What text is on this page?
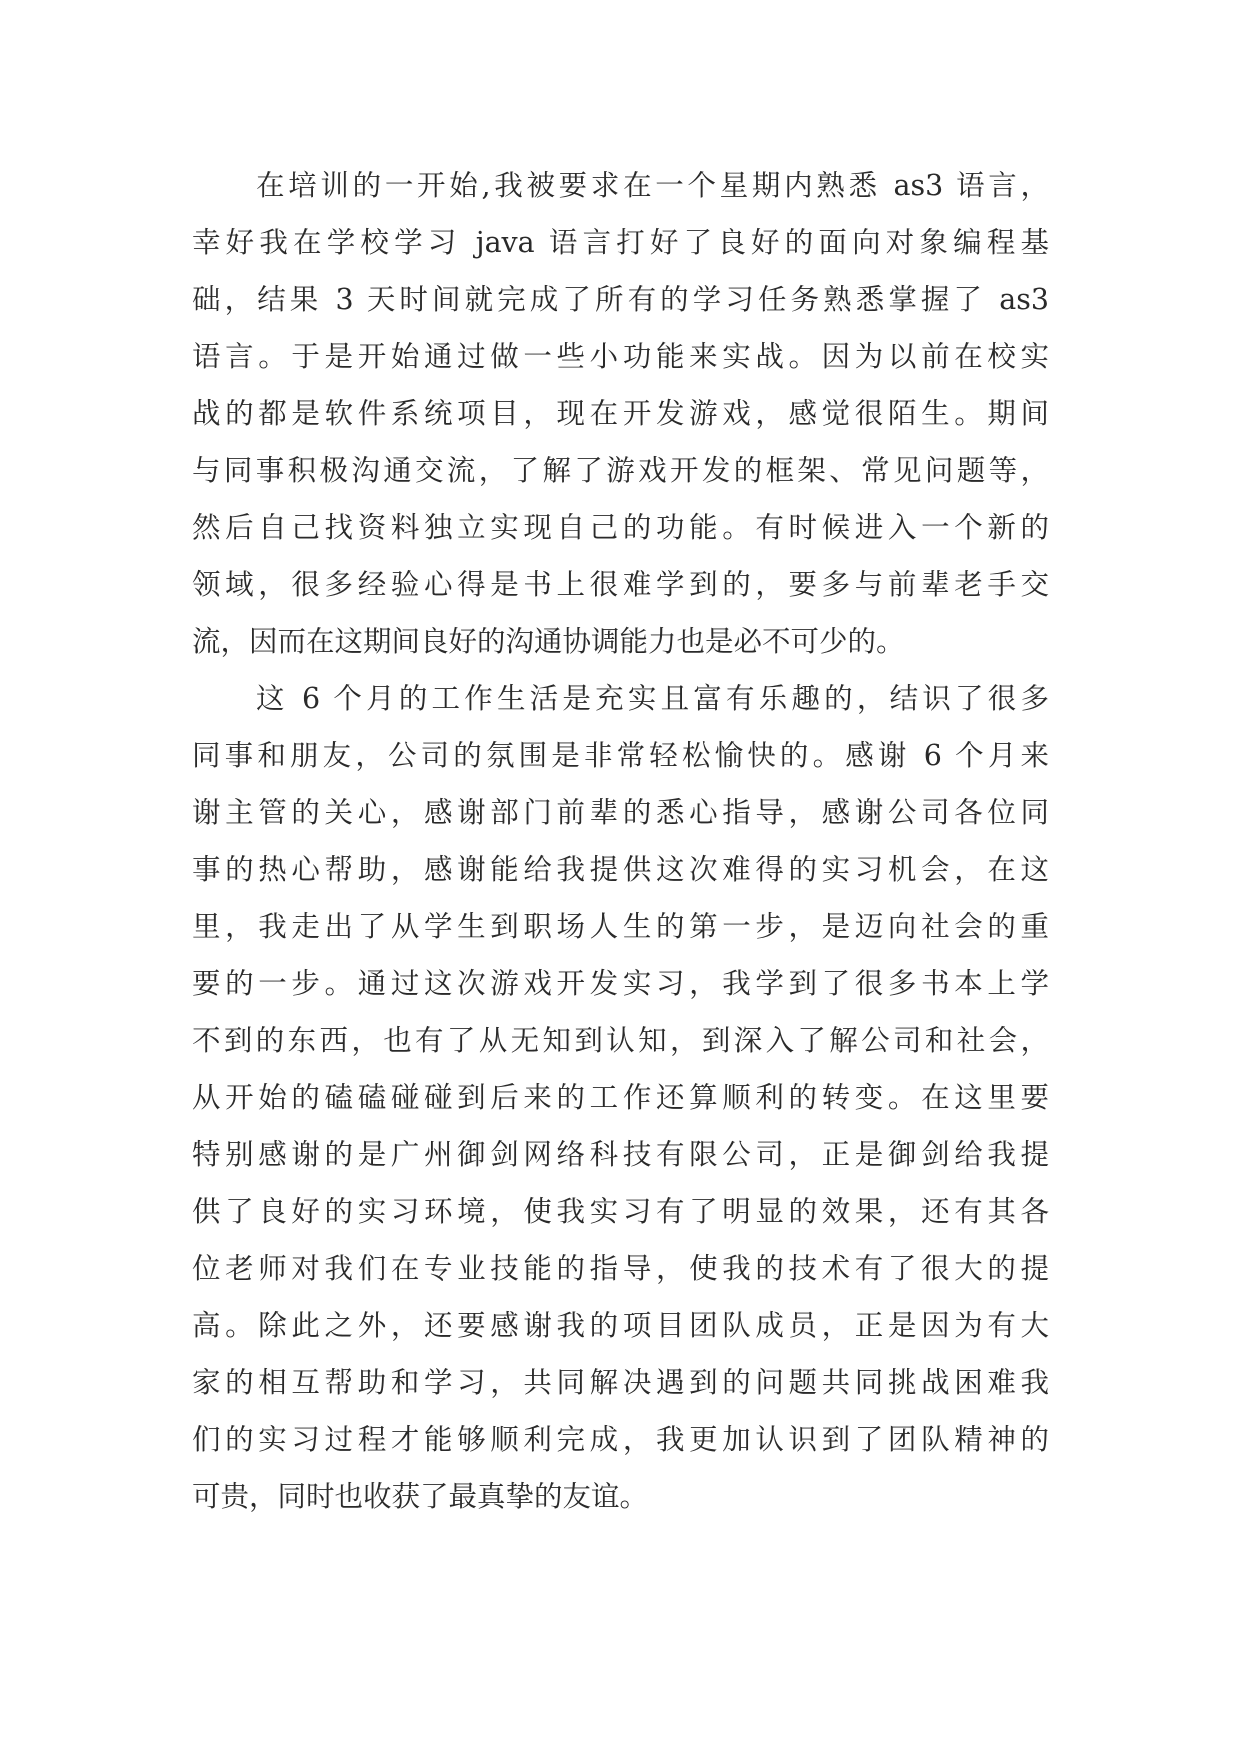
在培训的一开始,我被要求在一个星期内熟悉 as3 语言，
幸好我在学校学习 java 语言打好了良好的面向对象编程基
础，结果 3 天时间就完成了所有的学习任务熟悉掌握了 as3
语言。于是开始通过做一些小功能来实战。因为以前在校实
战的都是软件系统项目，现在开发游戏，感觉很陌生。期间
与同事积极沟通交流，了解了游戏开发的框架、常见问题等，
然后自己找资料独立实现自己的功能。有时候进入一个新的
领域，很多经验心得是书上很难学到的，要多与前辈老手交
流，因而在这期间良好的沟通协调能力也是必不可少的。
这 6 个月的工作生活是充实且富有乐趣的，结识了很多
同事和朋友，公司的氛围是非常轻松愉快的。感谢 6 个月来
谢主管的关心，感谢部门前辈的悉心指导，感谢公司各位同
事的热心帮助，感谢能给我提供这次难得的实习机会，在这
里，我走出了从学生到职场人生的第一步，是迈向社会的重
要的一步。通过这次游戏开发实习，我学到了很多书本上学
不到的东西，也有了从无知到认知，到深入了解公司和社会，
从开始的磕磕碰碰到后来的工作还算顺利的转变。在这里要
特别感谢的是广州御剑网络科技有限公司，正是御剑给我提
供了良好的实习环境，使我实习有了明显的效果，还有其各
位老师对我们在专业技能的指导，使我的技术有了很大的提
高。除此之外，还要感谢我的项目团队成员，正是因为有大
家的相互帮助和学习，共同解决遇到的问题共同挑战困难我
们的实习过程才能够顺利完成，我更加认识到了团队精神的
可贵，同时也收获了最真挚的友谊。
